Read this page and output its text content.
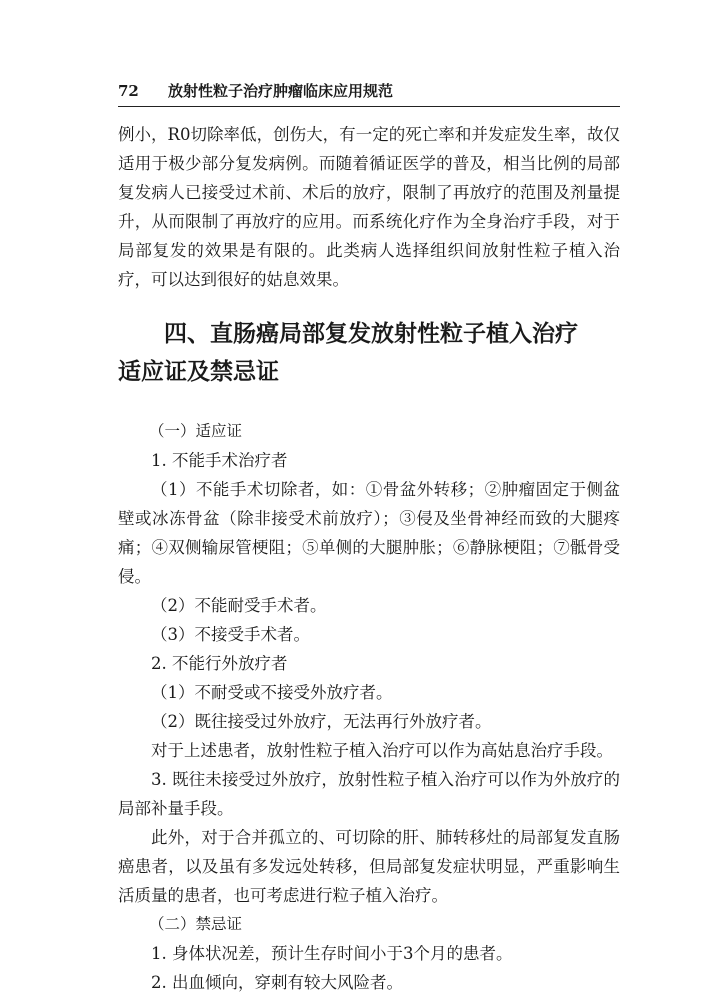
72 放射性粒子治疗肿瘤临床应用规范

例小，R0切除率低，创伤大，有一定的死亡率和并发症发生率，故仅适用于极少部分复发病例。而随着循证医学的普及，相当比例的局部复发病人已接受过术前、术后的放疗，限制了再放疗的范围及剂量提升，从而限制了再放疗的应用。而系统化疗作为全身治疗手段，对于局部复发的效果是有限的。此类病人选择组织间放射性粒子植入治疗，可以达到很好的姑息效果。

四、直肠癌局部复发放射性粒子植入治疗
适应证及禁忌证

（一）适应证

1. 不能手术治疗者

（1）不能手术切除者，如：①骨盆外转移；②肿瘤固定于侧盆壁或冰冻骨盆（除非接受术前放疗）；③侵及坐骨神经而致的大腿疼痛；④双侧输尿管梗阻；⑤单侧的大腿肿胀；⑥静脉梗阻；⑦骶骨受侵。

（2）不能耐受手术者。

（3）不接受手术者。

2. 不能行外放疗者

（1）不耐受或不接受外放疗者。

（2）既往接受过外放疗，无法再行外放疗者。

对于上述患者，放射性粒子植入治疗可以作为高姑息治疗手段。

3. 既往未接受过外放疗，放射性粒子植入治疗可以作为外放疗的局部补量手段。

此外，对于合并孤立的、可切除的肝、肺转移灶的局部复发直肠癌患者，以及虽有多发远处转移，但局部复发症状明显，严重影响生活质量的患者，也可考虑进行粒子植入治疗。

（二）禁忌证

1. 身体状况差，预计生存时间小于3个月的患者。

2. 出血倾向，穿刺有较大风险者。
